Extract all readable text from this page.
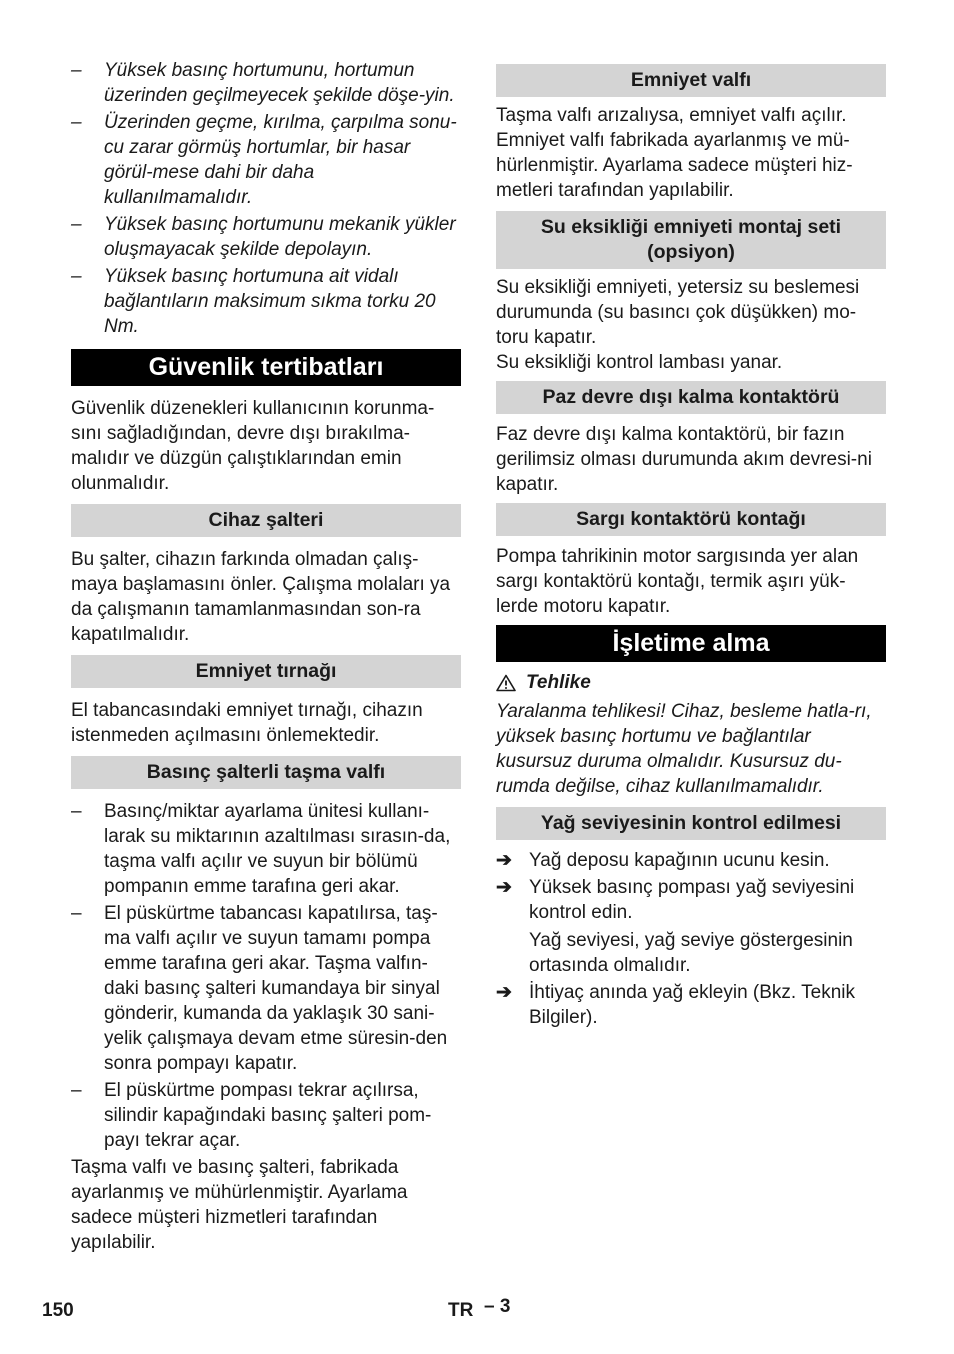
– Yüksek basınç hortumunu, hortumun üzerinden geçilmeyecek şekilde döşe-yin.
– Üzerinden geçme, kırılma, çarpılma sonu-cu zarar görmüş hortumlar, bir hasar görül-mese dahi bir daha kullanılmamalıdır.
– Yüksek basınç hortumunu mekanik yükler oluşmayacak şekilde depolayın.
– Yüksek basınç hortumuna ait vidalı bağlantıların maksimum sıkma torku 20 Nm.
Güvenlik tertibatları

Güvenlik düzenekleri kullanıcının korunma-sını sağladığından, devre dışı bırakılma-malıdır ve düzgün çalıştıklarından emin olunmalıdır.

Cihaz şalteri

Bu şalter, cihazın farkında olmadan çalış-maya başlamasını önler. Çalışma molaları ya da çalışmanın tamamlanmasından son-ra kapatılmalıdır.

Emniyet tırnağı

El tabancasındaki emniyet tırnağı, cihazın istenmeden açılmasını önlemektedir.

Basınç şalterli taşma valfı
– Basınç/miktar ayarlama ünitesi kullanı-larak su miktarının azaltılması sırasın-da, taşma valfı açılır ve suyun bir bölümü pompanın emme tarafına geri akar.
– El püskürtme tabancası kapatılırsa, taş-ma valfı açılır ve suyun tamamı pompa emme tarafına geri akar. Taşma valfın-daki basınç şalteri kumandaya bir sinyal gönderir, kumanda da yaklaşık 30 sani-yelik çalışmaya devam etme süresin-den sonra pompayı kapatır.
– El püskürtme pompası tekrar açılırsa, silindir kapağındaki basınç şalteri pom-payı tekrar açar.

Taşma valfı ve basınç şalteri, fabrikada ayarlanmış ve mühürlenmiştir. Ayarlama sadece müşteri hizmetleri tarafından yapılabilir.

Emniyet valfı

Taşma valfı arızalıysa, emniyet valfı açılır. Emniyet valfı fabrikada ayarlanmış ve mü-hürlenmiştir. Ayarlama sadece müşteri hiz-metleri tarafından yapılabilir.

Su eksikliği emniyeti montaj seti (opsiyon)

Su eksikliği emniyeti, yetersiz su beslemesi durumunda (su basıncı çok düşükken) mo-toru kapatır.

Su eksikliği kontrol lambası yanar.

Paz devre dışı kalma kontaktörü

Faz devre dışı kalma kontaktörü, bir fazın gerilimsiz olması durumunda akım devresi-ni kapatır.

Sargı kontaktörü kontağı

Pompa tahrikinin motor sargısında yer alan sargı kontaktörü kontağı, termik aşırı yük-lerde motoru kapatır.

İşletime alma
Tehlike

Yaralanma tehlikesi! Cihaz, besleme hatla-rı, yüksek basınç hortumu ve bağlantılar kusursuz duruma olmalıdır. Kusursuz du-rumda değilse, cihaz kullanılmamalıdır.

Yağ seviyesinin kontrol edilmesi
➔ Yağ deposu kapağının ucunu kesin.
➔ Yüksek basınç pompası yağ seviyesini kontrol edin.

Yağ seviyesi, yağ seviye göstergesinin ortasında olmalıdır.

➔ İhtiyaç anında yağ ekleyin (Bkz. Teknik Bilgiler).
150	TR – 3
